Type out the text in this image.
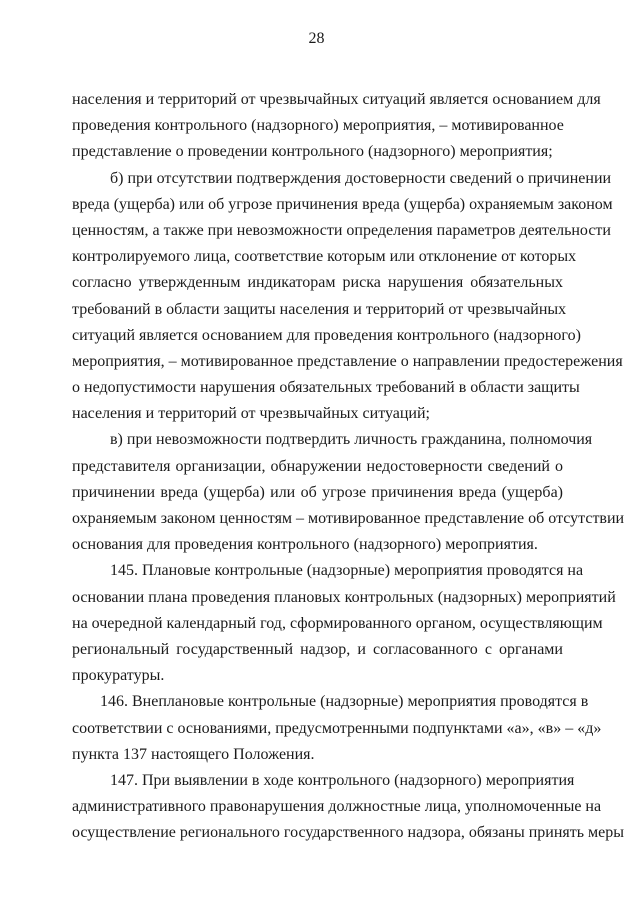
28
населения и территорий от чрезвычайных ситуаций является основанием для
проведения контрольного (надзорного) мероприятия, – мотивированное
представление о проведении контрольного (надзорного) мероприятия;
б) при отсутствии подтверждения достоверности сведений о причинении
вреда (ущерба) или об угрозе причинения вреда (ущерба) охраняемым законом
ценностям, а также при невозможности определения параметров деятельности
контролируемого лица, соответствие которым или отклонение от которых
согласно утвержденным индикаторам риска нарушения обязательных
требований в области защиты населения и территорий от чрезвычайных
ситуаций является основанием для проведения контрольного (надзорного)
мероприятия, – мотивированное представление о направлении предостережения
о недопустимости нарушения обязательных требований в области защиты
населения и территорий от чрезвычайных ситуаций;
в) при невозможности подтвердить личность гражданина, полномочия
представителя организации, обнаружении недостоверности сведений о
причинении вреда (ущерба) или об угрозе причинения вреда (ущерба)
охраняемым законом ценностям – мотивированное представление об отсутствии
основания для проведения контрольного (надзорного) мероприятия.
145. Плановые контрольные (надзорные) мероприятия проводятся на
основании плана проведения плановых контрольных (надзорных) мероприятий
на очередной календарный год, сформированного органом, осуществляющим
региональный государственный надзор, и согласованного с органами
прокуратуры.
146. Внеплановые контрольные (надзорные) мероприятия проводятся в
соответствии с основаниями, предусмотренными подпунктами «а», «в» – «д»
пункта 137 настоящего Положения.
147. При выявлении в ходе контрольного (надзорного) мероприятия
административного правонарушения должностные лица, уполномоченные на
осуществление регионального государственного надзора, обязаны принять меры
